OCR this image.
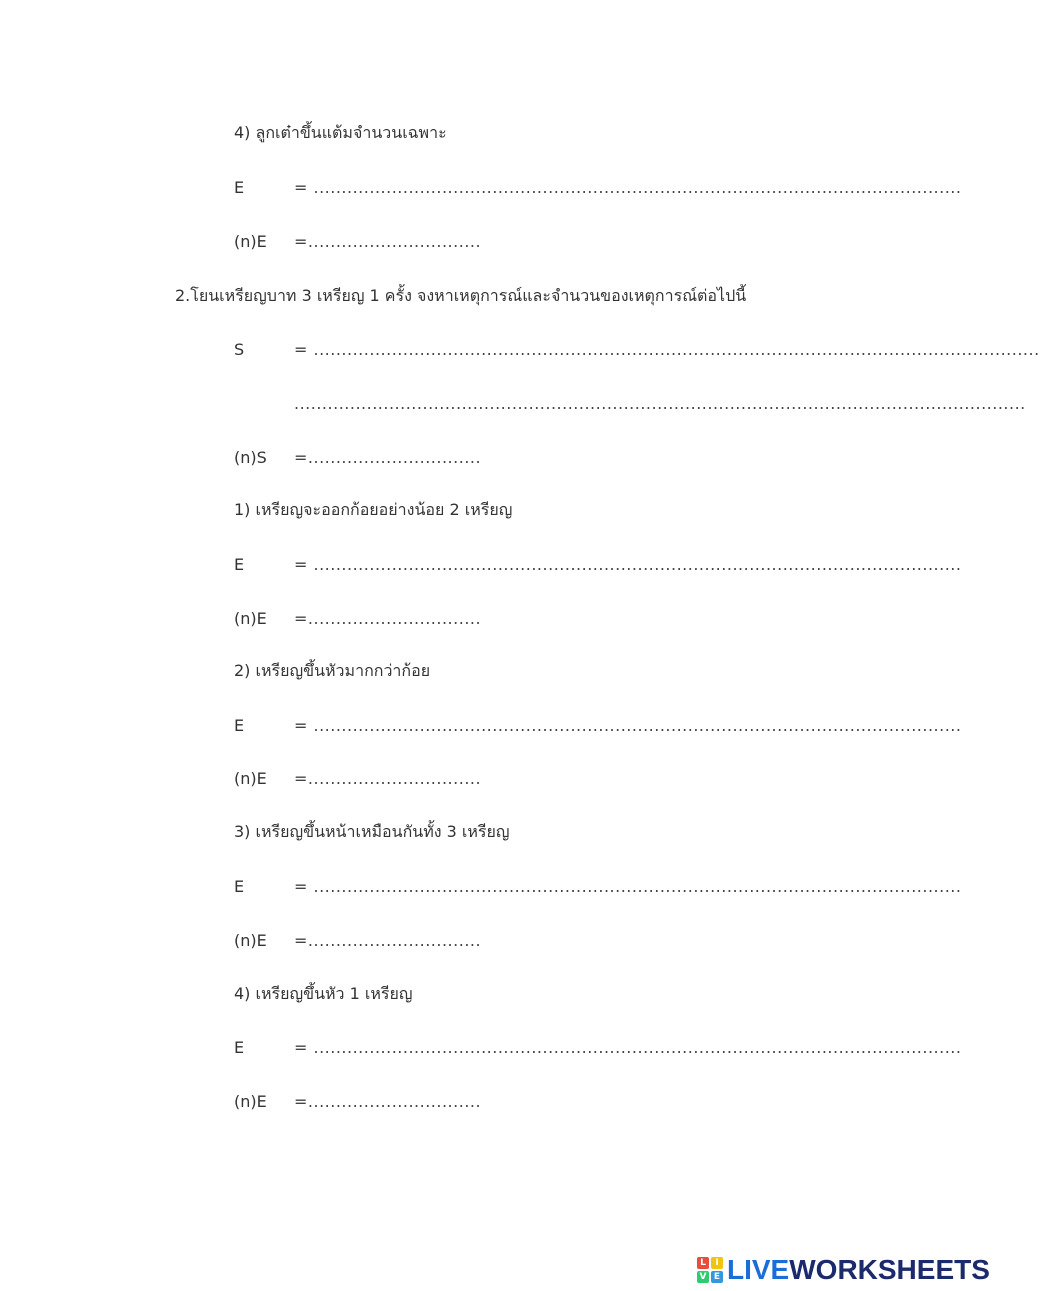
4) ลูกเต๋าขึ้นแต้มจำนวนเฉพาะ
E	= ....................................................................................................................
(n)E =...............................
2.โยนเหรียญบาท 3 เหรียญ 1 ครั้ง จงหาเหตุการณ์และจำนวนของเหตุการณ์ต่อไปนี้
S	= ..................................................................................................................................
...................................................................................................................................
(n)S =...............................
1) เหรียญจะออกก้อยอย่างน้อย 2 เหรียญ
E	= ....................................................................................................................
(n)E =...............................
2) เหรียญขึ้นหัวมากกว่าก้อย
E	= ....................................................................................................................
(n)E =...............................
3) เหรียญขึ้นหน้าเหมือนกันทั้ง 3 เหรียญ
E	= ....................................................................................................................
(n)E =...............................
4) เหรียญขึ้นหัว 1 เหรียญ
E	= ....................................................................................................................
(n)E =...............................
L	I
V E LIVE WORKSHEETS
